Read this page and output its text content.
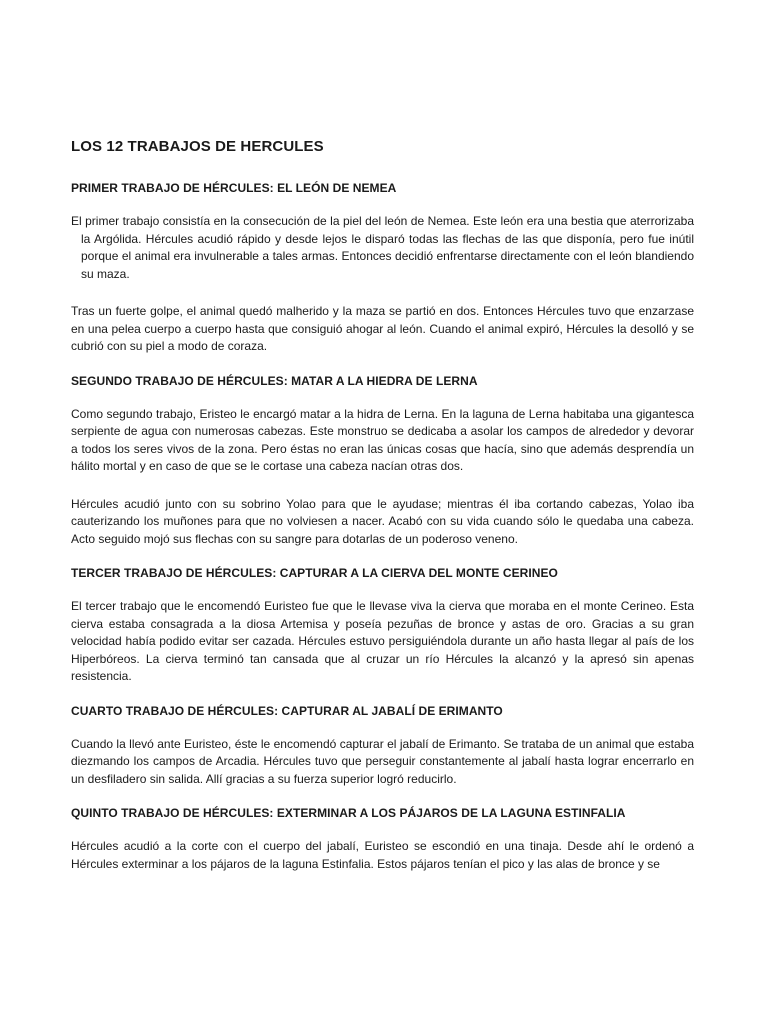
LOS 12 TRABAJOS DE HERCULES
PRIMER TRABAJO DE HÉRCULES: EL LEÓN DE NEMEA

El primer trabajo consistía en la consecución de la piel del león de Nemea. Este león era una bestia que aterrorizaba la Argólida. Hércules acudió rápido y desde lejos le disparó todas las flechas de las que disponía, pero fue inútil porque el animal era invulnerable a tales armas. Entonces decidió enfrentarse directamente con el león blandiendo su maza.

Tras un fuerte golpe, el animal quedó malherido y la maza se partió en dos. Entonces Hércules tuvo que enzarzase en una pelea cuerpo a cuerpo hasta que consiguió ahogar al león. Cuando el animal expiró, Hércules la desolló y se cubrió con su piel a modo de coraza.

SEGUNDO TRABAJO DE HÉRCULES: MATAR A LA HIEDRA DE LERNA

Como segundo trabajo, Eristeo le encargó matar a la hidra de Lerna. En la laguna de Lerna habitaba una gigantesca serpiente de agua con numerosas cabezas. Este monstruo se dedicaba a asolar los campos de alrededor y devorar a todos los seres vivos de la zona. Pero éstas no eran las únicas cosas que hacía, sino que además desprendía un hálito mortal y en caso de que se le cortase una cabeza nacían otras dos.

Hércules acudió junto con su sobrino Yolao para que le ayudase; mientras él iba cortando cabezas, Yolao iba cauterizando los muñones para que no volviesen a nacer. Acabó con su vida cuando sólo le quedaba una cabeza. Acto seguido mojó sus flechas con su sangre para dotarlas de un poderoso veneno.

TERCER TRABAJO DE HÉRCULES: CAPTURAR A LA CIERVA DEL MONTE CERINEO

El tercer trabajo que le encomendó Euristeo fue que le llevase viva la cierva que moraba en el monte Cerineo. Esta cierva estaba consagrada a la diosa Artemisa y poseía pezuñas de bronce y astas de oro. Gracias a su gran velocidad había podido evitar ser cazada. Hércules estuvo persiguiéndola durante un año hasta llegar al país de los Hiperbóreos. La cierva terminó tan cansada que al cruzar un río Hércules la alcanzó y la apresó sin apenas resistencia.

CUARTO TRABAJO DE HÉRCULES: CAPTURAR AL JABALÍ DE ERIMANTO

Cuando la llevó ante Euristeo, éste le encomendó capturar el jabalí de Erimanto. Se trataba de un animal que estaba diezmando los campos de Arcadia. Hércules tuvo que perseguir constantemente al jabalí hasta lograr encerrarlo en un desfiladero sin salida. Allí gracias a su fuerza superior logró reducirlo.

QUINTO TRABAJO DE HÉRCULES: EXTERMINAR A LOS PÁJAROS DE LA LAGUNA ESTINFALIA

Hércules acudió a la corte con el cuerpo del jabalí, Euristeo se escondió en una tinaja. Desde ahí le ordenó a Hércules exterminar a los pájaros de la laguna Estinfalia. Estos pájaros tenían el pico y las alas de bronce y se
